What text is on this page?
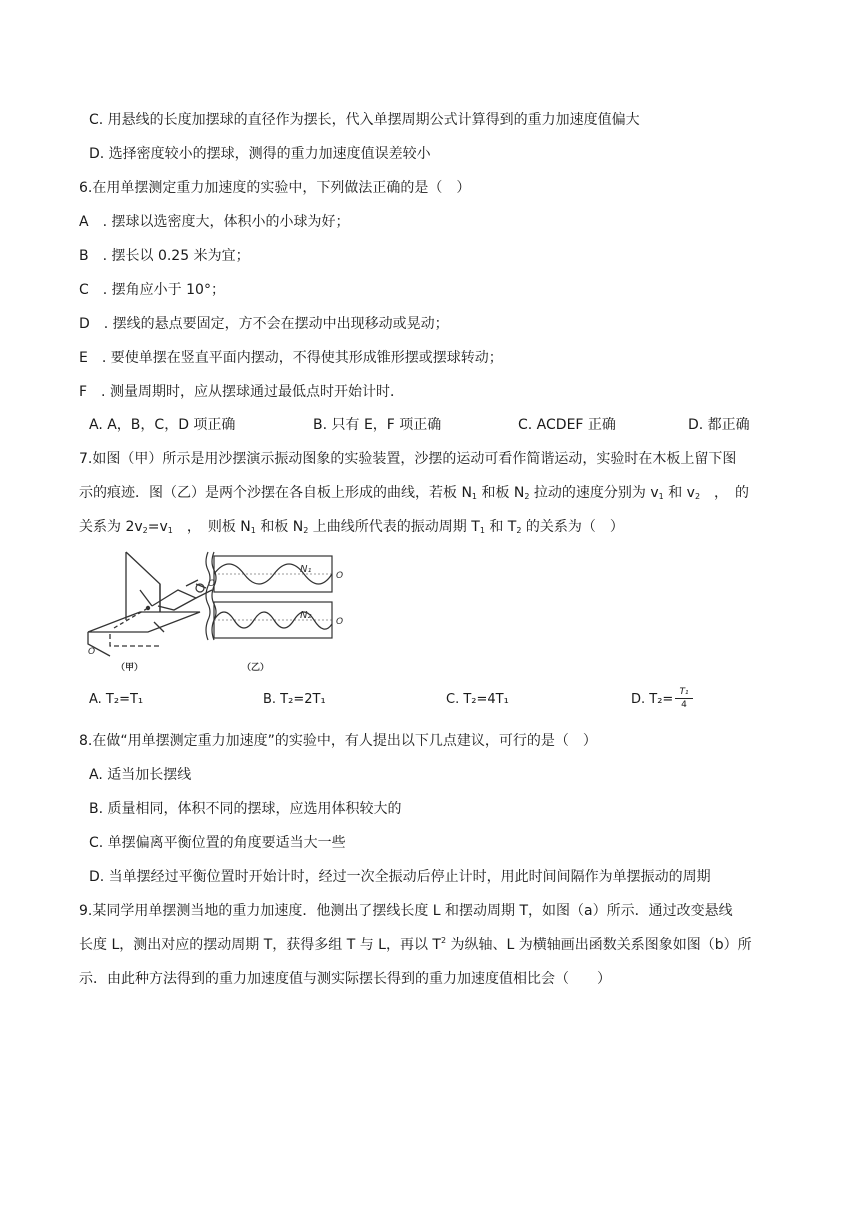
C. 用悬线的长度加摆球的直径作为摆长，代入单摆周期公式计算得到的重力加速度值偏大
D. 选择密度较小的摆球，测得的重力加速度值误差较小
6.在用单摆测定重力加速度的实验中，下列做法正确的是（　）
A　. 摆球以选密度大，体积小的小球为好；
B　. 摆长以 0.25 米为宜；
C　. 摆角应小于 10°；
D　. 摆线的悬点要固定，方不会在摆动中出现移动或晃动；
E　. 要使单摆在竖直平面内摆动，不得使其形成锥形摆或摆球转动；
F　. 测量周期时，应从摆球通过最低点时开始计时．
A. A，B，C，D 项正确	B. 只有 E，F 项正确	C. ACDEF 正确	D. 都正确
7.如图（甲）所示是用沙摆演示振动图象的实验装置，沙摆的运动可看作简谐运动，实验时在木板上留下图
示的痕迹．图（乙）是两个沙摆在各自板上形成的曲线，若板 $N_1$ 和板 $N_2$ 拉动的速度分别为 $v_1$ 和 $v_2$　，　的
关系为 $2v_2=v_1$　，　则板 $N_1$ 和板 $N_2$ 上曲线所代表的振动周期 $T_1$ 和 $T_2$ 的关系为（　）
O
O
（甲）
N₁
N₂
O
O
（乙）
A. T₂=T₁	B. T₂=2T₁	C. T₂=4T₁	D. $T_2= \frac{\text{T₁}}{4}$
8.在做“用单摆测定重力加速度”的实验中，有人提出以下几点建议，可行的是（　）
A. 适当加长摆线
B. 质量相同，体积不同的摆球，应选用体积较大的
C. 单摆偏离平衡位置的角度要适当大一些
D. 当单摆经过平衡位置时开始计时，经过一次全振动后停止计时，用此时间间隔作为单摆振动的周期
9.某同学用单摆测当地的重力加速度．他测出了摆线长度 L 和摆动周期 T，如图（a）所示．通过改变悬线
长度 L，测出对应的摆动周期 T，获得多组 T 与 L，再以 $T^2$ 为纵轴、L 为横轴画出函数关系图象如图（b）所
示．由此种方法得到的重力加速度值与测实际摆长得到的重力加速度值相比会（　　）
